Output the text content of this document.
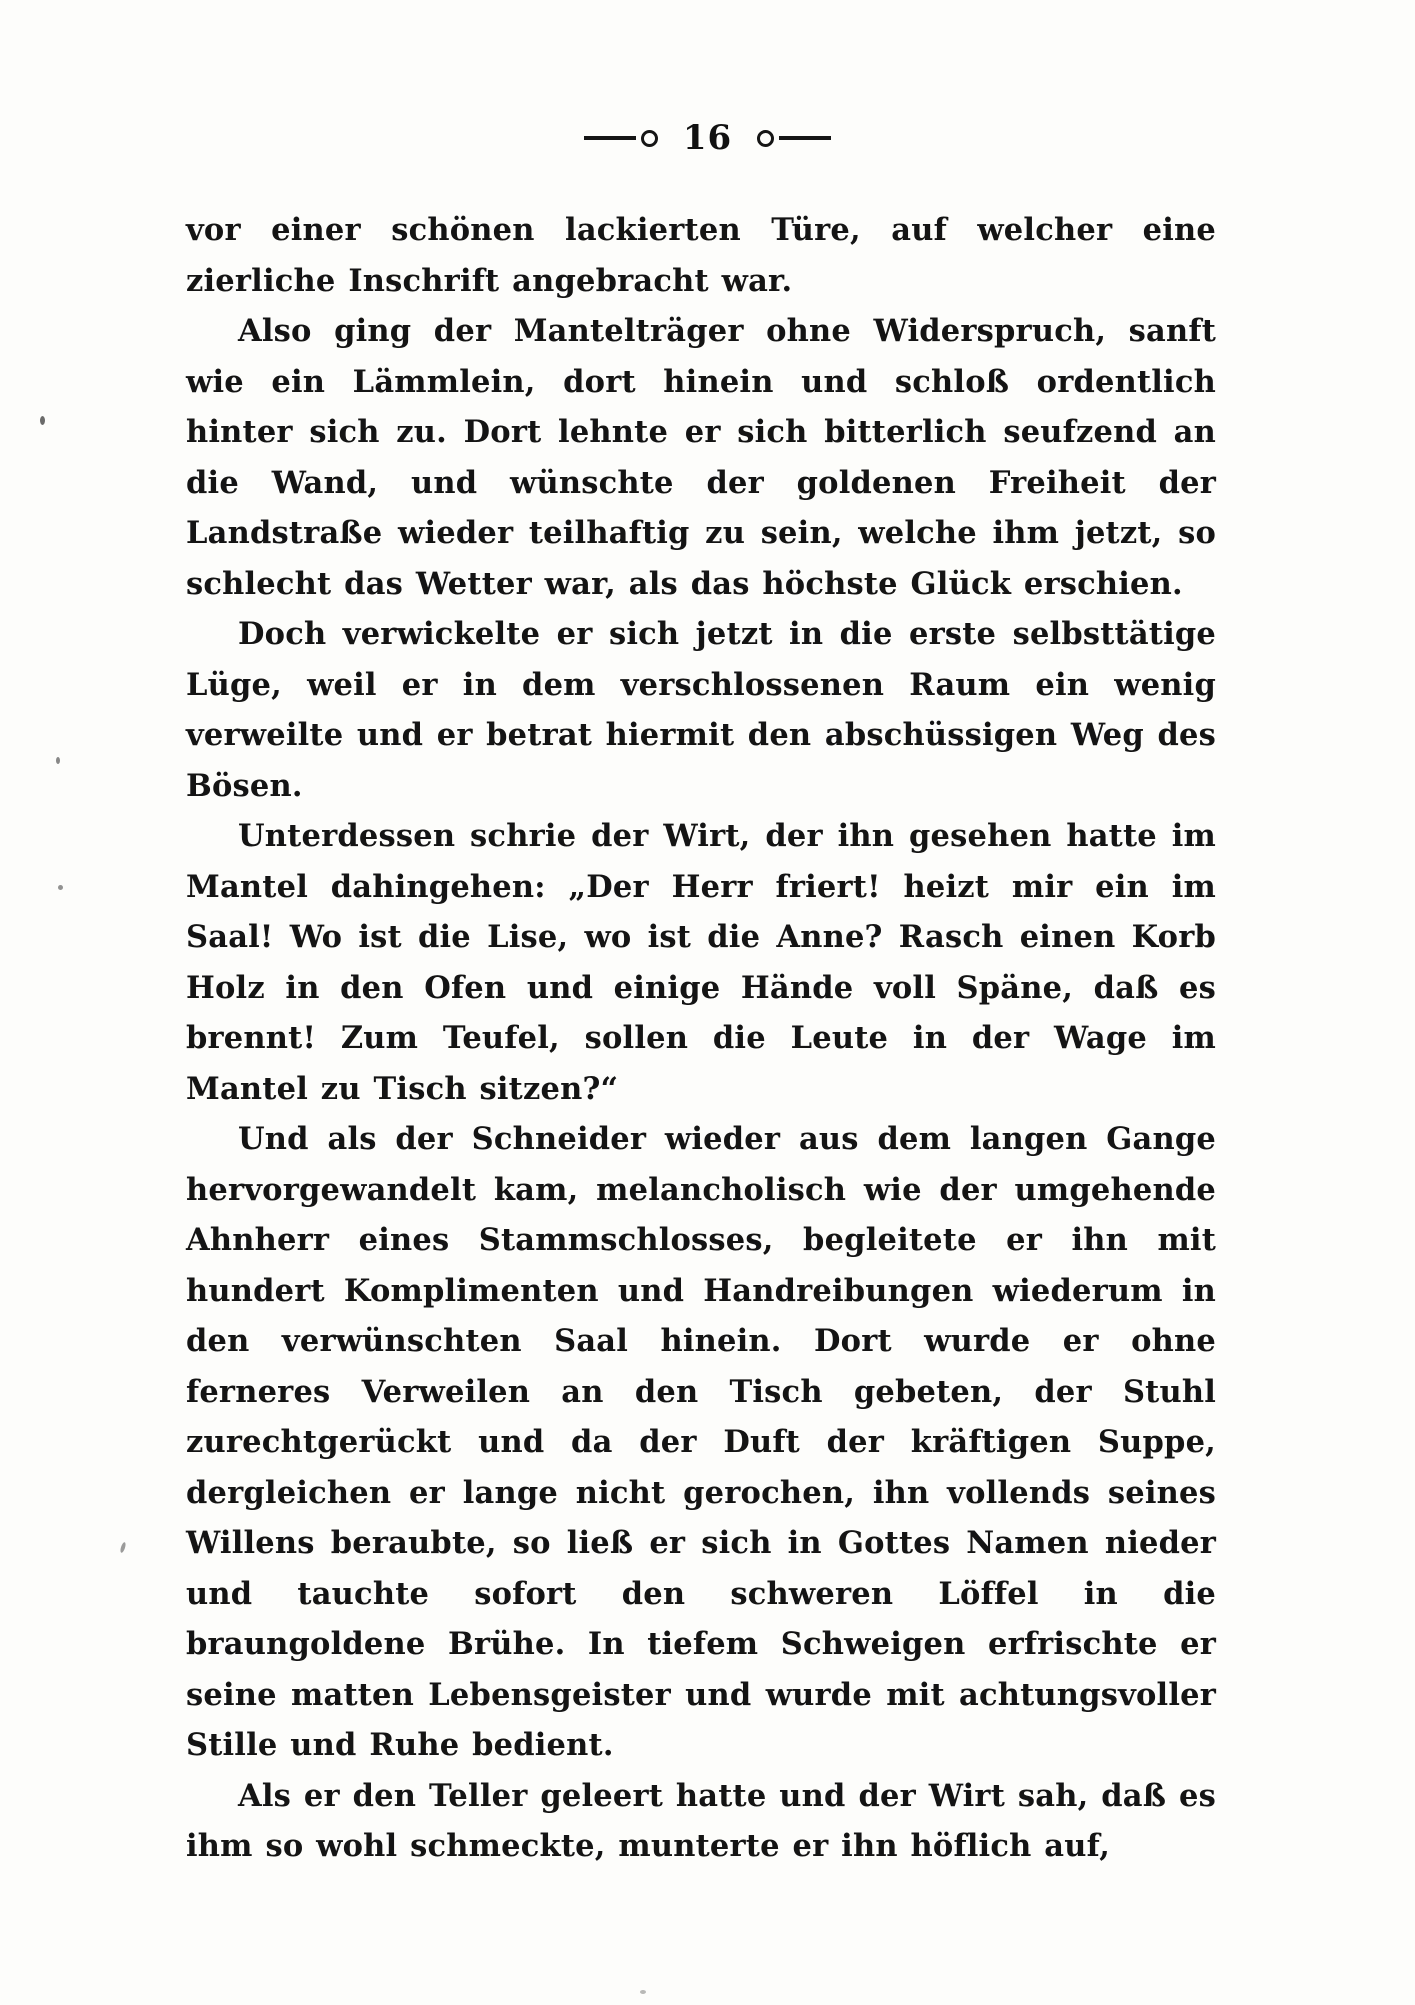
16

vor einer schönen lackierten Türe, auf welcher eine zierliche Inschrift angebracht war.

Also ging der Mantelträger ohne Widerspruch, sanft wie ein Lämmlein, dort hinein und schloß ordentlich hinter sich zu. Dort lehnte er sich bitterlich seufzend an die Wand, und wünschte der goldenen Freiheit der Landstraße wieder teilhaftig zu sein, welche ihm jetzt, so schlecht das Wetter war, als das höchste Glück erschien.

Doch verwickelte er sich jetzt in die erste selbsttätige Lüge, weil er in dem verschlossenen Raum ein wenig verweilte und er betrat hiermit den abschüssigen Weg des Bösen.

Unterdessen schrie der Wirt, der ihn gesehen hatte im Mantel dahingehen: „Der Herr friert! heizt mir ein im Saal! Wo ist die Lise, wo ist die Anne? Rasch einen Korb Holz in den Ofen und einige Hände voll Späne, daß es brennt! Zum Teufel, sollen die Leute in der Wage im Mantel zu Tisch sitzen?“

Und als der Schneider wieder aus dem langen Gange hervorgewandelt kam, melancholisch wie der umgehende Ahnherr eines Stammschlosses, begleitete er ihn mit hundert Komplimenten und Handreibungen wiederum in den verwünschten Saal hinein. Dort wurde er ohne ferneres Verweilen an den Tisch gebeten, der Stuhl zurechtgerückt und da der Duft der kräftigen Suppe, dergleichen er lange nicht gerochen, ihn vollends seines Willens beraubte, so ließ er sich in Gottes Namen nieder und tauchte sofort den schweren Löffel in die braungoldene Brühe. In tiefem Schweigen erfrischte er seine matten Lebensgeister und wurde mit achtungsvoller Stille und Ruhe bedient.

Als er den Teller geleert hatte und der Wirt sah, daß es ihm so wohl schmeckte, munterte er ihn höflich auf,
